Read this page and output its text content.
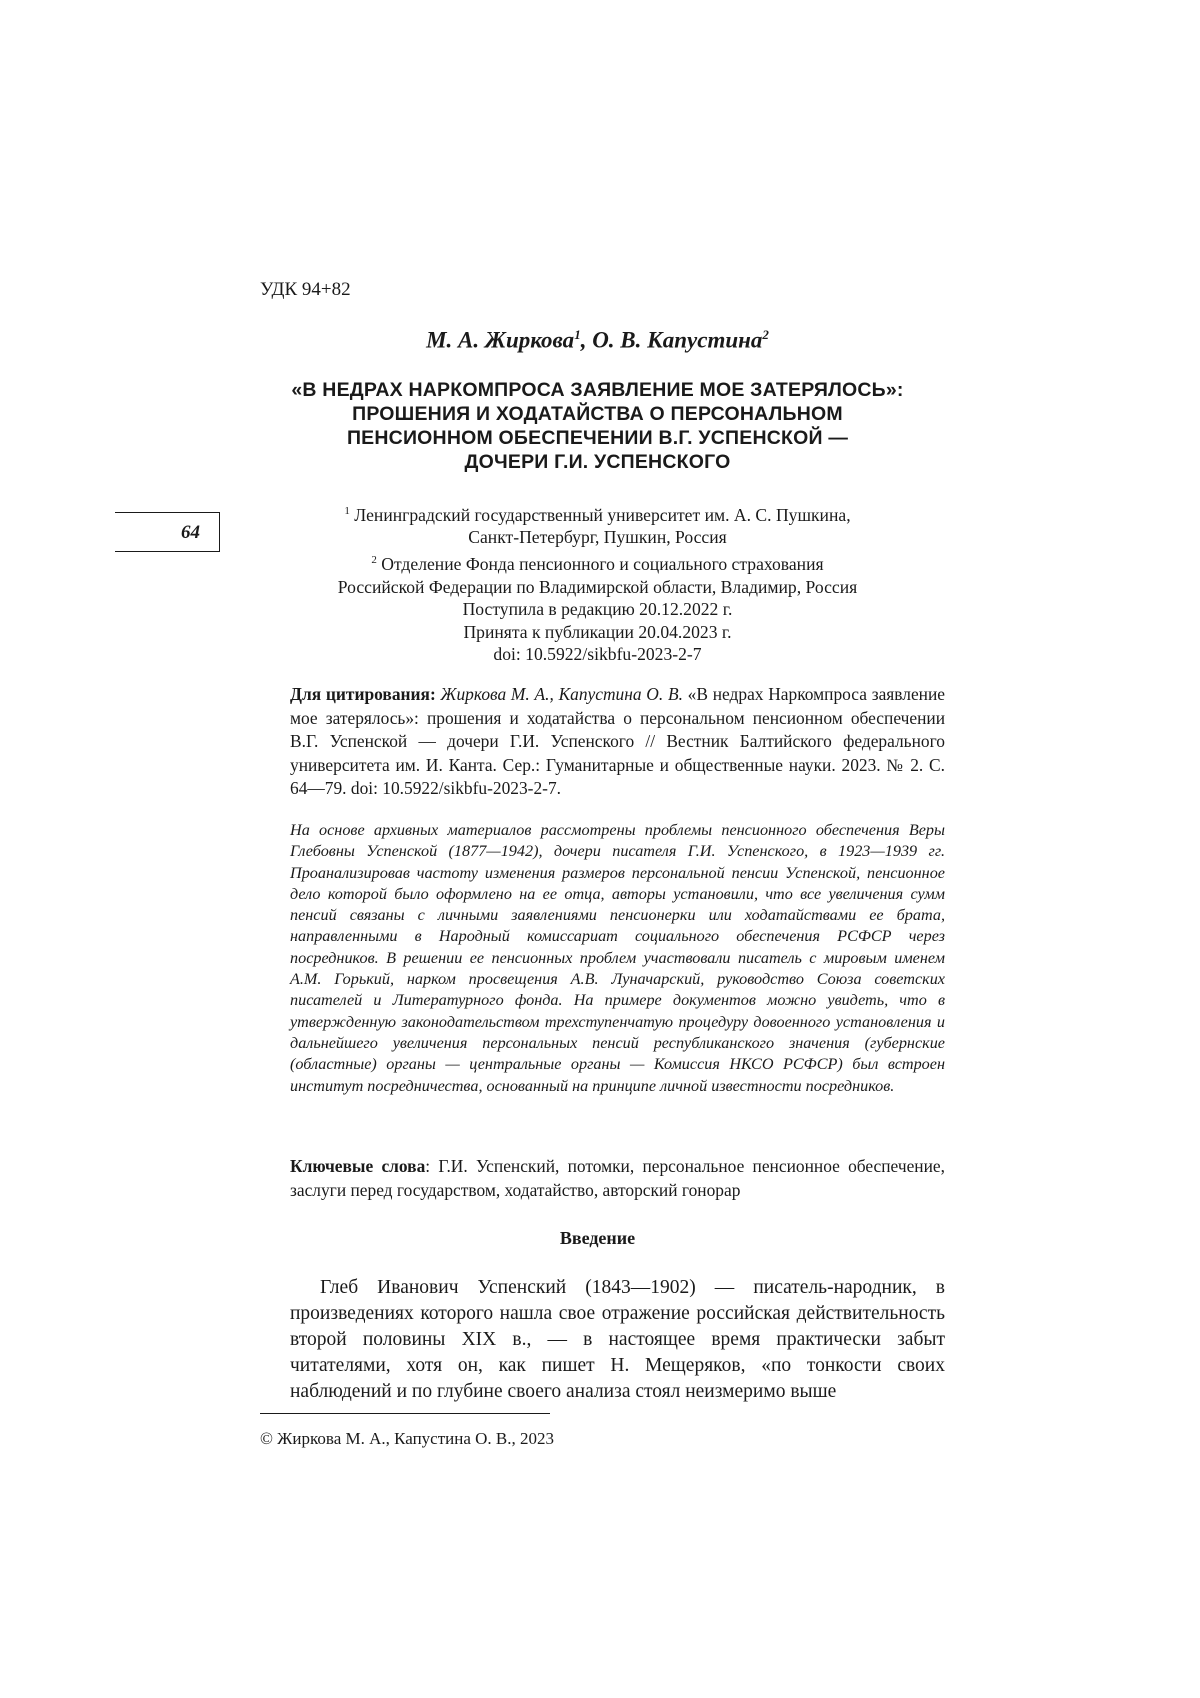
УДК 94+82
М. А. Жиркова$^1$, О. В. Капустина$^2$
«В НЕДРАХ НАРКОМПРОСА ЗАЯВЛЕНИЕ МОЕ ЗАТЕРЯЛОСЬ»:
ПРОШЕНИЯ И ХОДАТАЙСТВА О ПЕРСОНАЛЬНОМ
ПЕНСИОННОМ ОБЕСПЕЧЕНИИ В.Г. УСПЕНСКОЙ —
ДОЧЕРИ Г.И. УСПЕНСКОГО
64
$^1$ Ленинградский государственный университет им. А. С. Пушкина,
Санкт-Петербург, Пушкин, Россия
$^2$ Отделение Фонда пенсионного и социального страхования
Российской Федерации по Владимирской области, Владимир, Россия
Поступила в редакцию 20.12.2022 г.
Принята к публикации 20.04.2023 г.
doi: 10.5922/sikbfu-2023-2-7
Для цитирования: Жиркова М. А., Капустина О. В. «В недрах Наркомпроса заявление мое затерялось»: прошения и ходатайства о персональном пенсионном обеспечении В.Г. Успенской — дочери Г.И. Успенского // Вестник Балтийского федерального университета им. И. Канта. Сер.: Гуманитарные и общественные науки. 2023. № 2. С. 64—79. doi: 10.5922/sikbfu-2023-2-7.
На основе архивных материалов рассмотрены проблемы пенсионного обеспечения Веры Глебовны Успенской (1877—1942), дочери писателя Г.И. Успенского, в 1923—1939 гг. Проанализировав частоту изменения размеров персональной пенсии Успенской, пенсионное дело которой было оформлено на ее отца, авторы установили, что все увеличения сумм пенсий связаны с личными заявлениями пенсионерки или ходатайствами ее брата, направленными в Народный комиссариат социального обеспечения РСФСР через посредников. В решении ее пенсионных проблем участвовали писатель с мировым именем А.М. Горький, нарком просвещения А.В. Луначарский, руководство Союза советских писателей и Литературного фонда. На примере документов можно увидеть, что в утвержденную законодательством трехступенчатую процедуру довоенного установления и дальнейшего увеличения персональных пенсий республиканского значения (губернские (областные) органы — центральные органы — Комиссия НКСО РСФСР) был встроен институт посредничества, основанный на принципе личной известности посредников.
Ключевые слова: Г.И. Успенский, потомки, персональное пенсионное обеспечение, заслуги перед государством, ходатайство, авторский гонорар
Введение
Глеб Иванович Успенский (1843—1902) — писатель-народник, в произведениях которого нашла свое отражение российская действительность второй половины XIX в., — в настоящее время практически забыт читателями, хотя он, как пишет Н. Мещеряков, «по тонкости своих наблюдений и по глубине своего анализа стоял неизмеримо выше
© Жиркова М. А., Капустина О. В., 2023
